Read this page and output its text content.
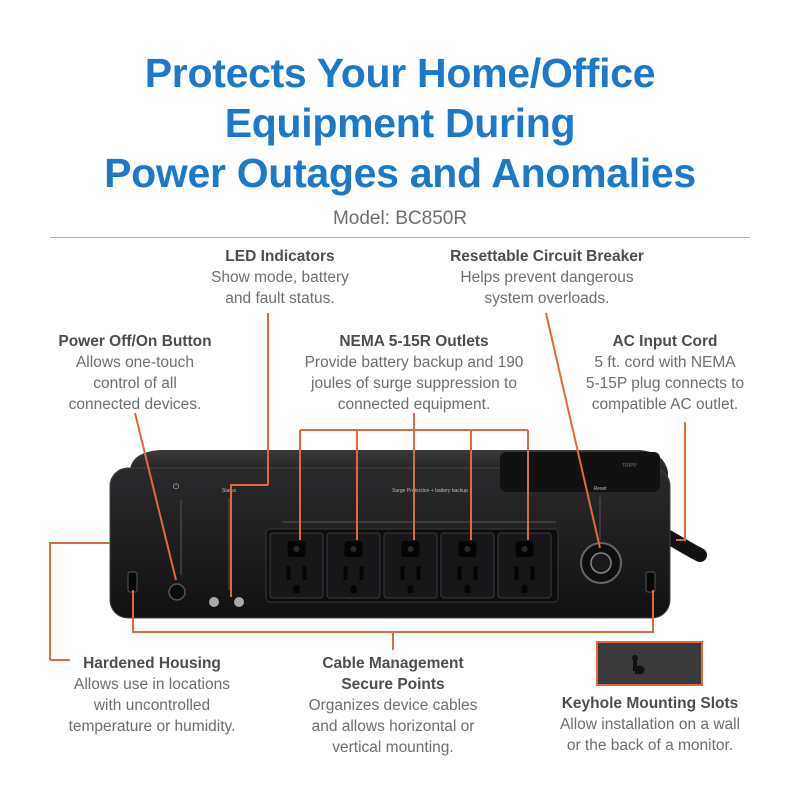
Protects Your Home/Office
Equipment During
Power Outages and Anomalies
Model: BC850R
TRIPP
⏻	Status	Surge Protection + battery backup	Reset
LED Indicators
Show mode, battery
and fault status.
Resettable Circuit Breaker
Helps prevent dangerous
system overloads.
Power Off/On Button
Allows one-touch
control of all
connected devices.
NEMA 5-15R Outlets
Provide battery backup and 190
joules of surge suppression to
connected equipment.
AC Input Cord
5 ft. cord with NEMA
5-15P plug connects to
compatible AC outlet.
Hardened Housing
Allows use in locations
with uncontrolled
temperature or humidity.
Cable Management
Secure Points
Organizes device cables
and allows horizontal or
vertical mounting.
Keyhole Mounting Slots
Allow installation on a wall
or the back of a monitor.
